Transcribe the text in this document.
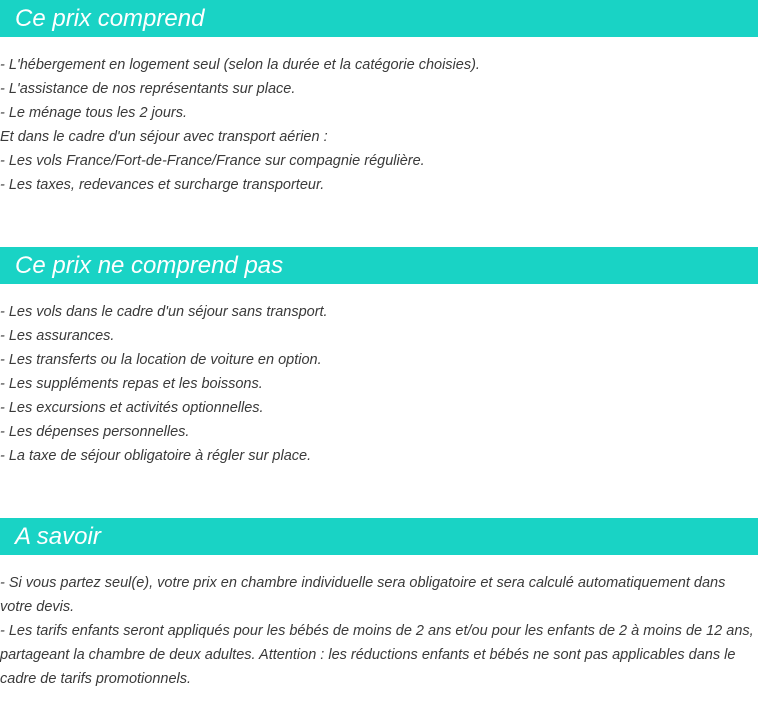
Ce prix comprend
- L'hébergement en logement seul (selon la durée et la catégorie choisies).
- L'assistance de nos représentants sur place.
- Le ménage tous les 2 jours.
Et dans le cadre d'un séjour avec transport aérien :
- Les vols France/Fort-de-France/France sur compagnie régulière.
- Les taxes, redevances et surcharge transporteur.
Ce prix ne comprend pas
- Les vols dans le cadre d'un séjour sans transport.
- Les assurances.
- Les transferts ou la location de voiture en option.
- Les suppléments repas et les boissons.
- Les excursions et activités optionnelles.
- Les dépenses personnelles.
- La taxe de séjour obligatoire à régler sur place.
A savoir
- Si vous partez seul(e), votre prix en chambre individuelle sera obligatoire et sera calculé automatiquement dans votre devis.
- Les tarifs enfants seront appliqués pour les bébés de moins de 2 ans et/ou pour les enfants de 2 à moins de 12 ans, partageant la chambre de deux adultes. Attention : les réductions enfants et bébés ne sont pas applicables dans le cadre de tarifs promotionnels.
